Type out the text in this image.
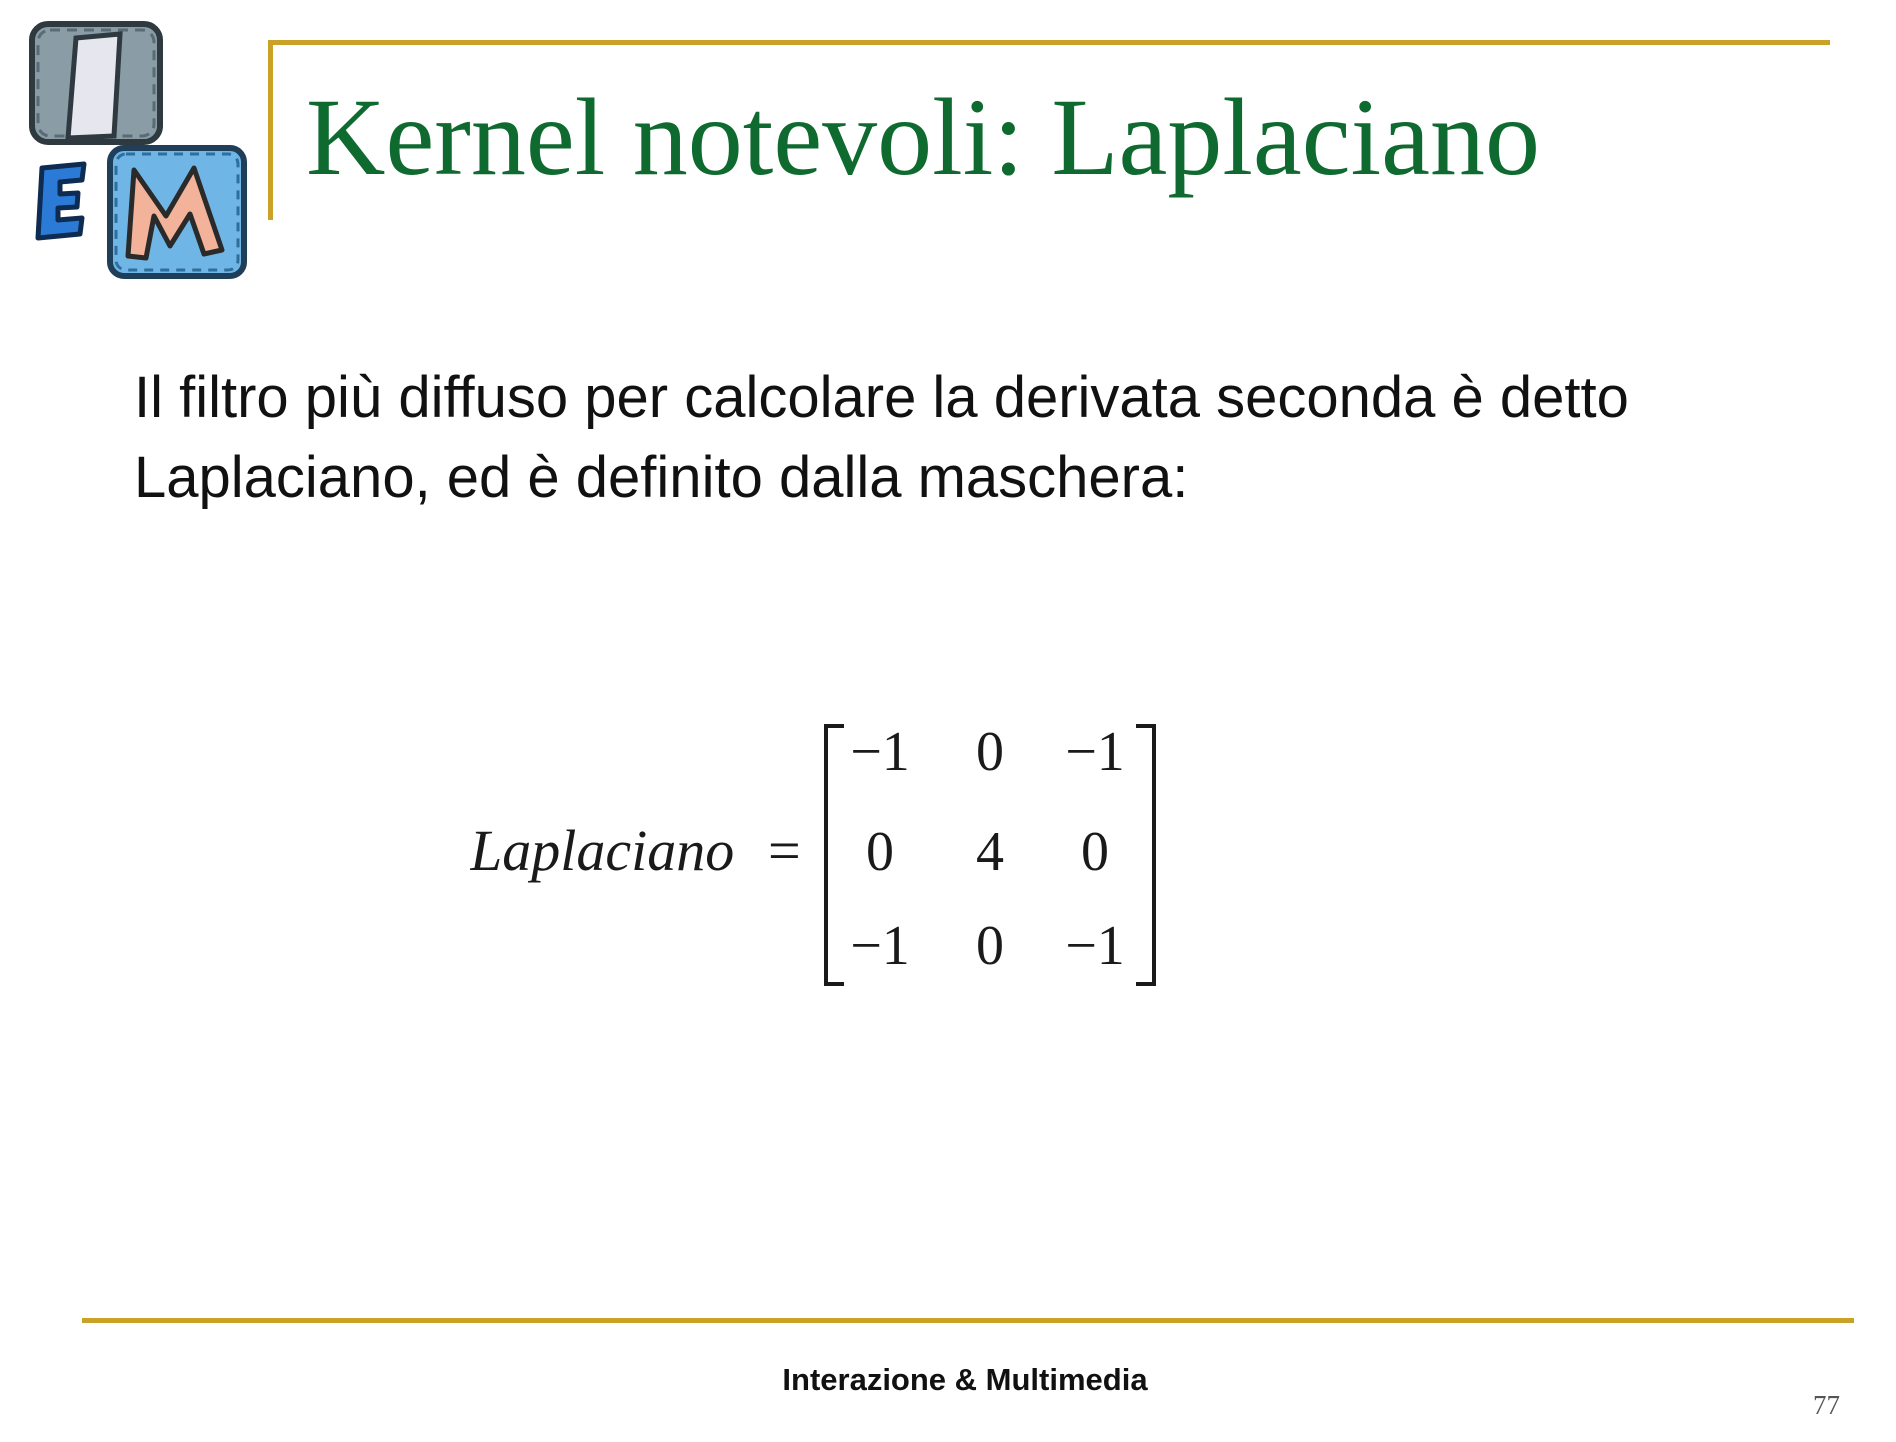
Kernel notevoli: Laplaciano
Il filtro più diffuso per calcolare la derivata seconda è detto
Laplaciano, ed è definito dalla maschera:
Laplaciano =
−1 0 −1
0 4 0
−1 0 −1
Interazione & Multimedia
77
